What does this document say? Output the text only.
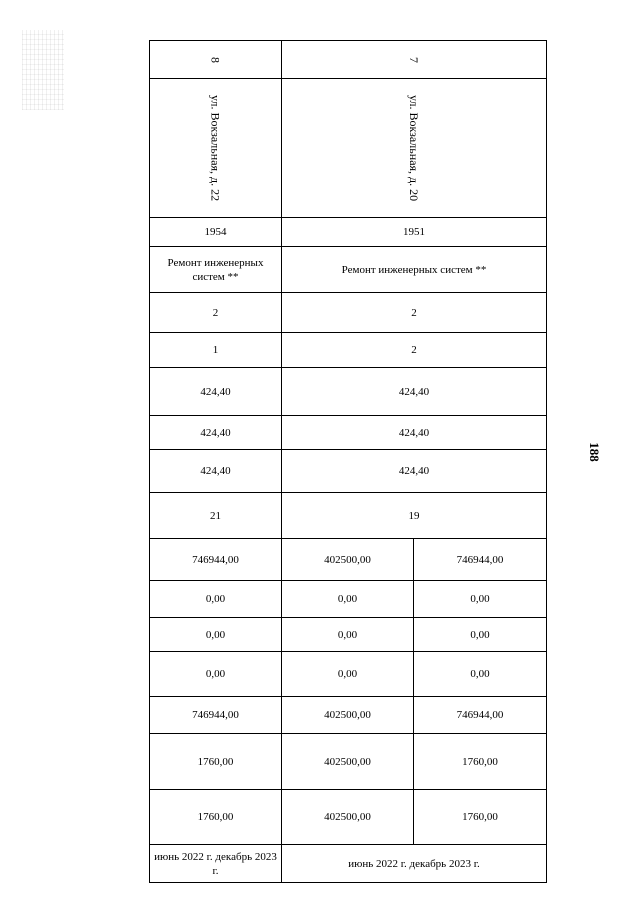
188
8	7	
ул. Вокзальная, д. 22	ул. Вокзальная, д. 20	
1954	1951	
Ремонт инженерных систем **	Ремонт инженерных систем **	
2	2	
1	2	
424,40	424,40	
424,40	424,40	
424,40	424,40	
21	19	
746944,00	402500,00	746944,00
0,00	0,00	0,00
0,00	0,00	0,00
0,00	0,00	0,00
746944,00	402500,00	746944,00
1760,00	402500,00	1760,00
1760,00	402500,00	1760,00
июнь 2022 г. декабрь 2023 г.	июнь 2022 г. декабрь 2023 г.	
